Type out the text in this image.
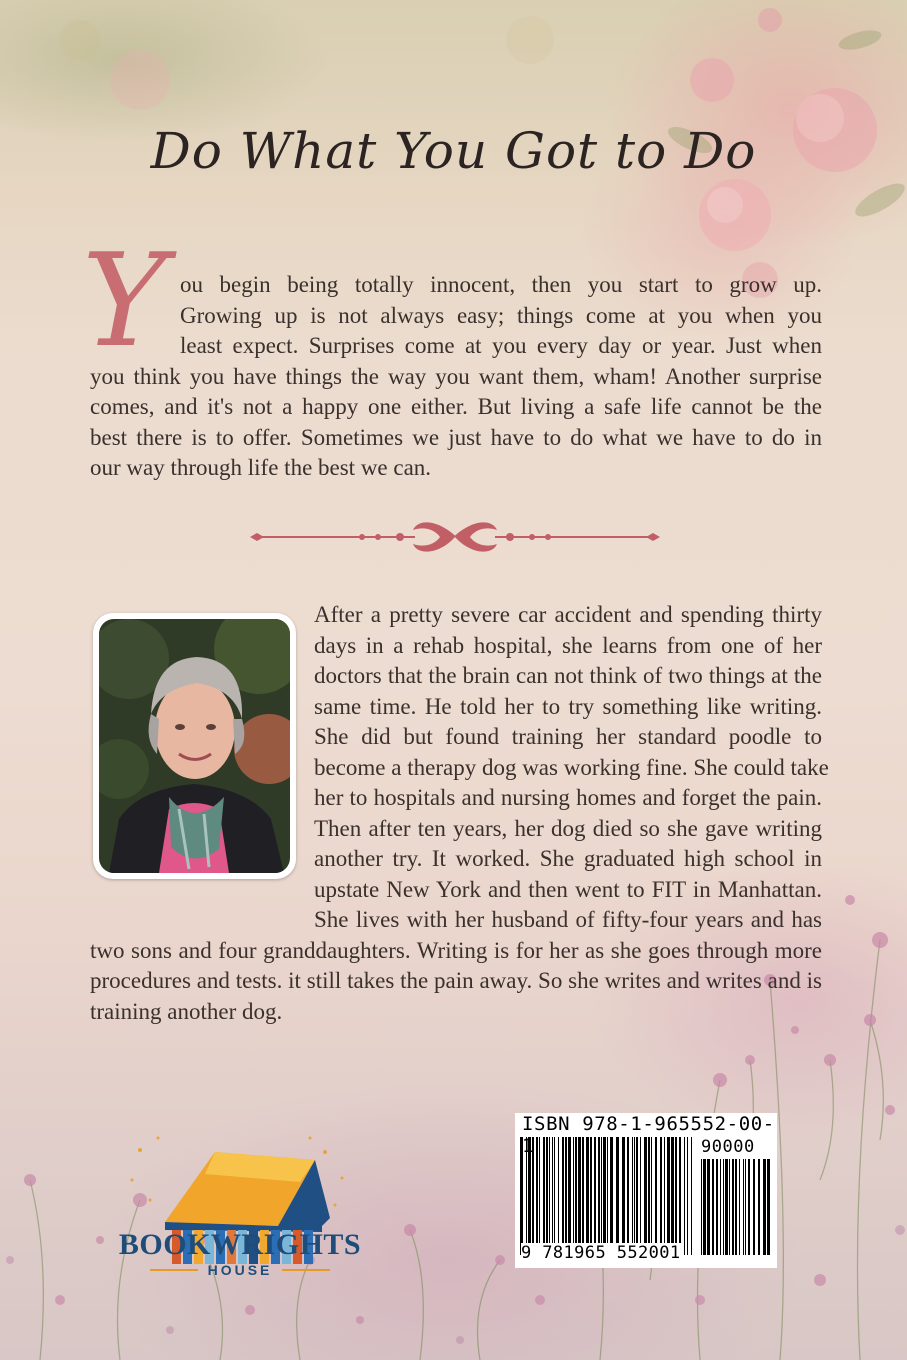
Do What You Got to Do
Y ou begin being totally innocent, then you start to grow up.
Growing up is not always easy; things come at you when you
least expect. Surprises come at you every day or year. Just when
you think you have things the way you want them, wham! Another surprise
comes, and it's not a happy one either. But living a safe life cannot be the
best there is to offer. Sometimes we just have to do what we have to do in
our way through life the best we can.
After a pretty severe car accident and spending thirty
days in a rehab hospital, she learns from one of her
doctors that the brain can not think of two things at the
same time. He told her to try something like writing.
She did but found training her standard poodle to
become a therapy dog was working fine. She could take
her to hospitals and nursing homes and forget the pain.
Then after ten years, her dog died so she gave writing
another try. It worked. She graduated high school in
upstate New York and then went to FIT in Manhattan.
She lives with her husband of fifty-four years and has
two sons and four granddaughters. Writing is for her as she goes through more
procedures and tests. it still takes the pain away. So she writes and writes and is
training another dog.
BOOKWRIGHTS
HOUSE
ISBN 978-1-965552-00-
90000
9 781965 552001
